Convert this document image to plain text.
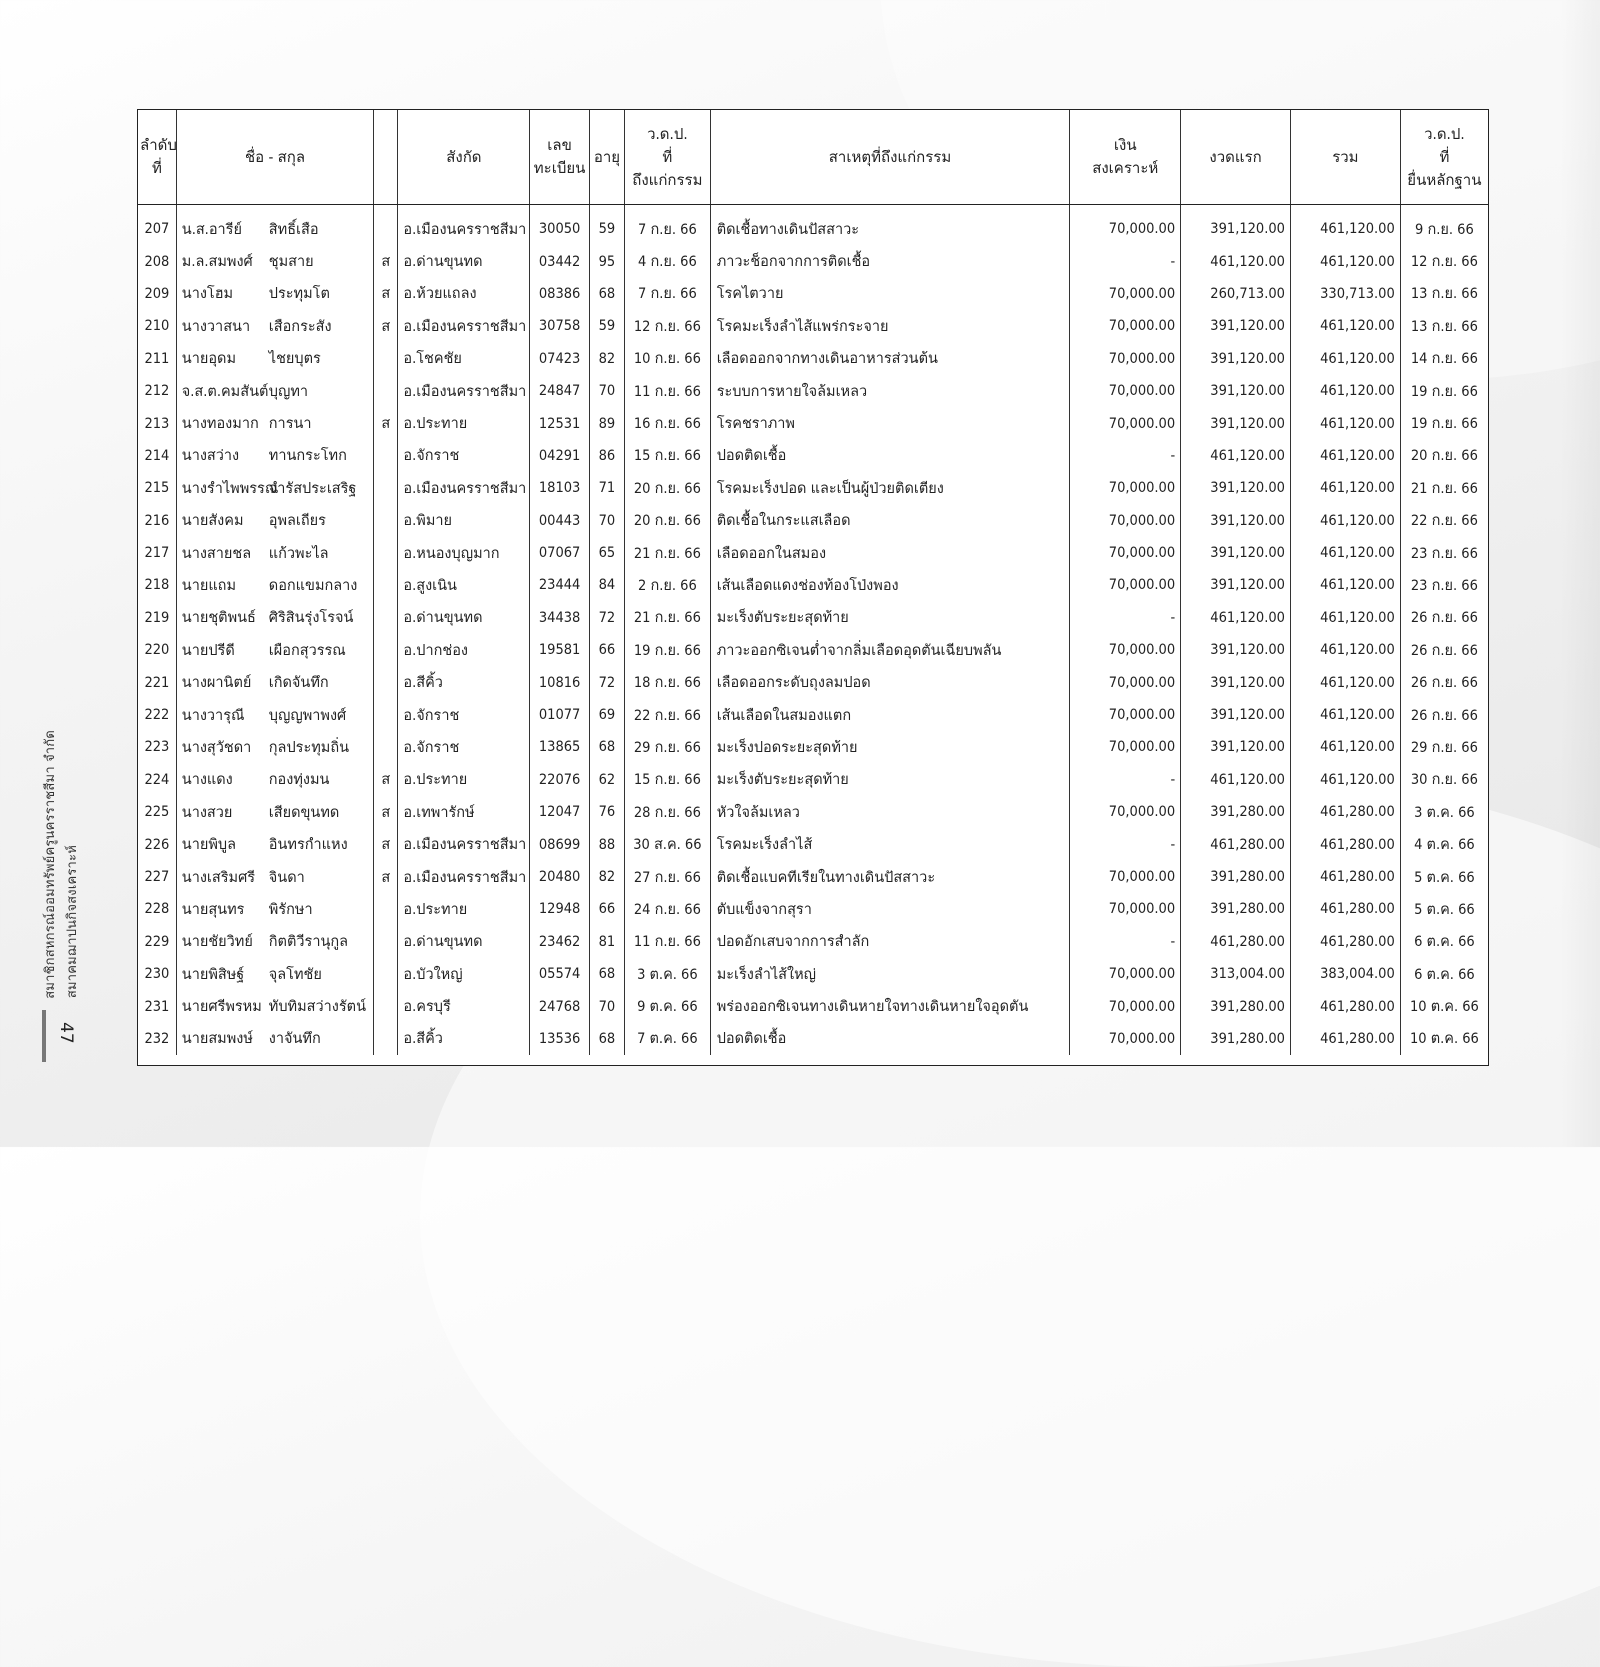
สมาชิกสหกรณ์ออมทรัพย์ครูนครราชสีมา จำกัด สมาคมฌาปนกิจสงเคราะห์
47
ลำดับ
ที่	ชื่อ - สกุล		สังกัด	เลข
ทะเบียน	อายุ	ว.ด.ป.
ที่
ถึงแก่กรรม	สาเหตุที่ถึงแก่กรรม	เงิน
สงเคราะห์	งวดแรก	รวม	ว.ด.ป.
ที่
ยื่นหลักฐาน

207	น.ส.อารีย์ สิทธิ์เสือ		อ.เมืองนครราชสีมา	30050	59	7 ก.ย. 66	ติดเชื้อทางเดินปัสสาวะ	70,000.00	391,120.00	461,120.00	9 ก.ย. 66
208	ม.ล.สมพงศ์ ชุมสาย	ส	อ.ด่านขุนทด	03442	95	4 ก.ย. 66	ภาวะช็อกจากการติดเชื้อ	-	461,120.00	461,120.00	12 ก.ย. 66
209	นางโฮม ประทุมโต	ส	อ.ห้วยแถลง	08386	68	7 ก.ย. 66	โรคไตวาย	70,000.00	260,713.00	330,713.00	13 ก.ย. 66
210	นางวาสนา เสือกระสัง	ส	อ.เมืองนครราชสีมา	30758	59	12 ก.ย. 66	โรคมะเร็งลำไส้แพร่กระจาย	70,000.00	391,120.00	461,120.00	13 ก.ย. 66
211	นายอุดม ไชยบุตร		อ.โชคชัย	07423	82	10 ก.ย. 66	เลือดออกจากทางเดินอาหารส่วนต้น	70,000.00	391,120.00	461,120.00	14 ก.ย. 66
212	จ.ส.ต.คมสันต์บุญทา		อ.เมืองนครราชสีมา	24847	70	11 ก.ย. 66	ระบบการหายใจล้มเหลว	70,000.00	391,120.00	461,120.00	19 ก.ย. 66
213	นางทองมาก การนา	ส	อ.ประทาย	12531	89	16 ก.ย. 66	โรคชราภาพ	70,000.00	391,120.00	461,120.00	19 ก.ย. 66
214	นางสว่าง ทานกระโทก		อ.จักราช	04291	86	15 ก.ย. 66	ปอดติดเชื้อ	-	461,120.00	461,120.00	20 ก.ย. 66
215	นางรำไพพรรณจำรัสประเสริฐ		อ.เมืองนครราชสีมา	18103	71	20 ก.ย. 66	โรคมะเร็งปอด และเป็นผู้ป่วยติดเตียง	70,000.00	391,120.00	461,120.00	21 ก.ย. 66
216	นายสังคม อุพลเถียร		อ.พิมาย	00443	70	20 ก.ย. 66	ติดเชื้อในกระแสเลือด	70,000.00	391,120.00	461,120.00	22 ก.ย. 66
217	นางสายชล แก้วพะไล		อ.หนองบุญมาก	07067	65	21 ก.ย. 66	เลือดออกในสมอง	70,000.00	391,120.00	461,120.00	23 ก.ย. 66
218	นายแถม ดอกแขมกลาง		อ.สูงเนิน	23444	84	2 ก.ย. 66	เส้นเลือดแดงช่องท้องโป่งพอง	70,000.00	391,120.00	461,120.00	23 ก.ย. 66
219	นายชุติพนธ์ ศิริสินรุ่งโรจน์		อ.ด่านขุนทด	34438	72	21 ก.ย. 66	มะเร็งตับระยะสุดท้าย	-	461,120.00	461,120.00	26 ก.ย. 66
220	นายปรีดี เผือกสุวรรณ		อ.ปากช่อง	19581	66	19 ก.ย. 66	ภาวะออกซิเจนต่ำจากลิ่มเลือดอุดตันเฉียบพลัน	70,000.00	391,120.00	461,120.00	26 ก.ย. 66
221	นางผานิตย์ เกิดจันทึก		อ.สีคิ้ว	10816	72	18 ก.ย. 66	เลือดออกระดับถุงลมปอด	70,000.00	391,120.00	461,120.00	26 ก.ย. 66
222	นางวารุณี บุญญพาพงศ์		อ.จักราช	01077	69	22 ก.ย. 66	เส้นเลือดในสมองแตก	70,000.00	391,120.00	461,120.00	26 ก.ย. 66
223	นางสุวัชดา กุลประทุมถิ่น		อ.จักราช	13865	68	29 ก.ย. 66	มะเร็งปอดระยะสุดท้าย	70,000.00	391,120.00	461,120.00	29 ก.ย. 66
224	นางแดง กองทุ่งมน	ส	อ.ประทาย	22076	62	15 ก.ย. 66	มะเร็งตับระยะสุดท้าย	-	461,120.00	461,120.00	30 ก.ย. 66
225	นางสวย เสียดขุนทด	ส	อ.เทพารักษ์	12047	76	28 ก.ย. 66	หัวใจล้มเหลว	70,000.00	391,280.00	461,280.00	3 ต.ค. 66
226	นายพิบูล อินทรกำแหง	ส	อ.เมืองนครราชสีมา	08699	88	30 ส.ค. 66	โรคมะเร็งลำไส้	-	461,280.00	461,280.00	4 ต.ค. 66
227	นางเสริมศรี จินดา	ส	อ.เมืองนครราชสีมา	20480	82	27 ก.ย. 66	ติดเชื้อแบคทีเรียในทางเดินปัสสาวะ	70,000.00	391,280.00	461,280.00	5 ต.ค. 66
228	นายสุนทร พิรักษา		อ.ประทาย	12948	66	24 ก.ย. 66	ตับแข็งจากสุรา	70,000.00	391,280.00	461,280.00	5 ต.ค. 66
229	นายชัยวิทย์ กิตติวีรานุกูล		อ.ด่านขุนทด	23462	81	11 ก.ย. 66	ปอดอักเสบจากการสำลัก	-	461,280.00	461,280.00	6 ต.ค. 66
230	นายพิสิษฐ์ จุลโทชัย		อ.บัวใหญ่	05574	68	3 ต.ค. 66	มะเร็งลำไส้ใหญ่	70,000.00	313,004.00	383,004.00	6 ต.ค. 66
231	นายศรีพรหม ทับทิมสว่างรัตน์		อ.ครบุรี	24768	70	9 ต.ค. 66	พร่องออกซิเจนทางเดินหายใจทางเดินหายใจอุดตัน	70,000.00	391,280.00	461,280.00	10 ต.ค. 66
232	นายสมพงษ์ งาจันทึก		อ.สีคิ้ว	13536	68	7 ต.ค. 66	ปอดติดเชื้อ	70,000.00	391,280.00	461,280.00	10 ต.ค. 66
